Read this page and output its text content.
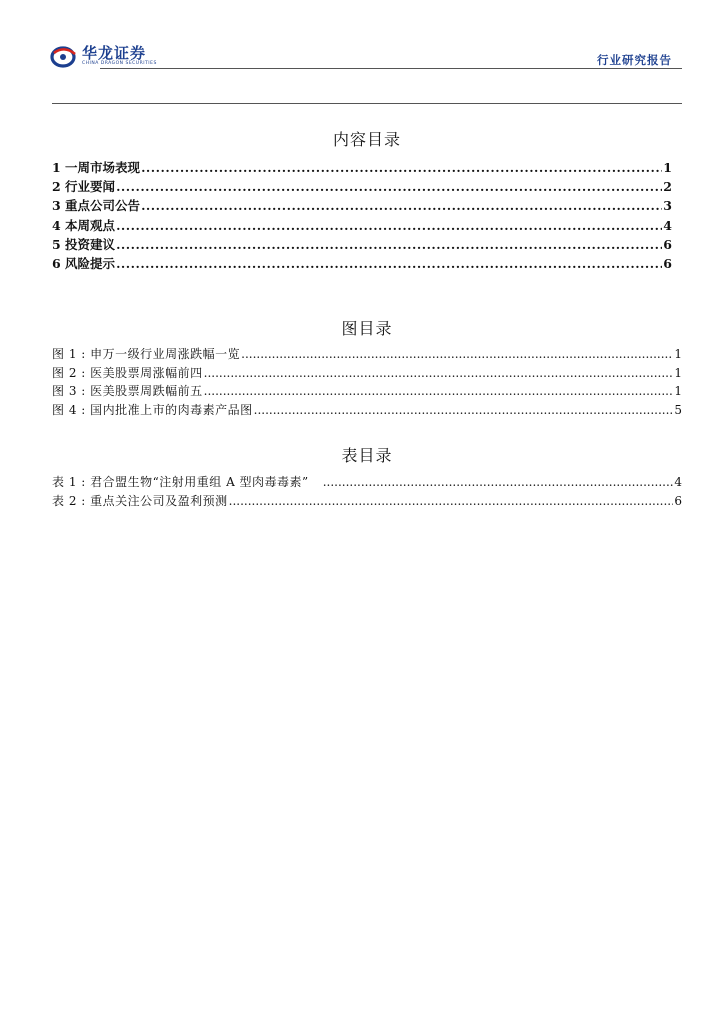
华龙证券
CHINA DRAGON SECURITIES	行业研究报告
内容目录
1 一周市场表现 .....	1
2 行业要闻 .....	2
3 重点公司公告 .....	3
4 本周观点 .....	4
5 投资建议 .....	6
6 风险提示 .....	6
图目录
图 1 : 申万一级行业周涨跌幅一览 .....	1
图 2 : 医美股票周涨幅前四 .....	1
图 3 : 医美股票周跌幅前五 .....	1
图 4 : 国内批准上市的肉毒素产品图 .....	5
表目录
表 1 : 君合盟生物“注射用重组 A 型肉毒毒素” .....	4
表 2 : 重点关注公司及盈利预测 .....	6
